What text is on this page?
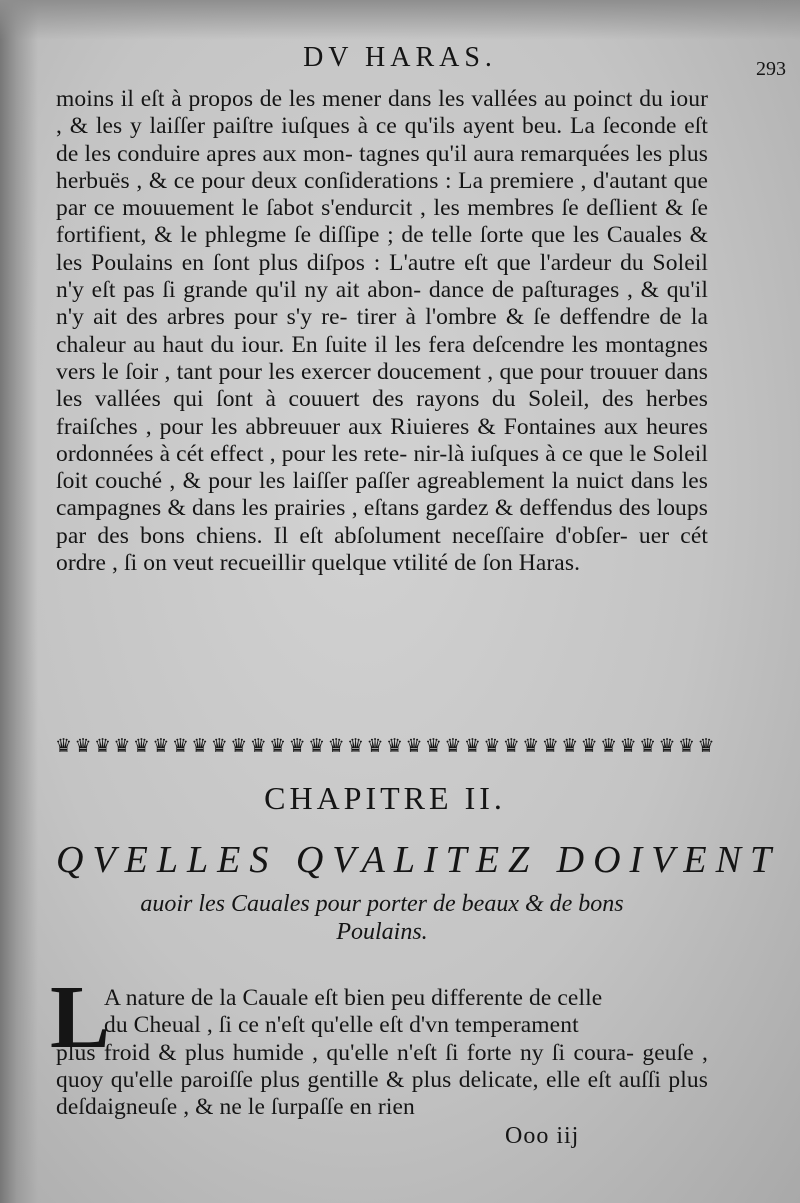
DV HARAS.	293

moins il eſt à propos de les mener dans les vallées au poinct du iour , & les y laiſſer paiſtre iuſques à ce qu'ils ayent beu. La ſeconde eſt de les conduire apres aux mon- tagnes qu'il aura remarquées les plus herbuës , & ce pour deux conſiderations : La premiere , d'autant que par ce mouuement le ſabot s'endurcit , les membres ſe deſlient & ſe fortifient, & le phlegme ſe diſſipe ; de telle ſorte que les Cauales & les Poulains en ſont plus diſpos : L'autre eſt que l'ardeur du Soleil n'y eſt pas ſi grande qu'il ny ait abon- dance de paſturages , & qu'il n'y ait des arbres pour s'y re- tirer à l'ombre & ſe deffendre de la chaleur au haut du iour. En ſuite il les fera deſcendre les montagnes vers le ſoir , tant pour les exercer doucement , que pour trouuer dans les vallées qui ſont à couuert des rayons du Soleil, des herbes fraiſches , pour les abbreuuer aux Riuieres & Fontaines aux heures ordonnées à cét effect , pour les rete- nir-là iuſques à ce que le Soleil ſoit couché , & pour les laiſſer paſſer agreablement la nuict dans les campagnes & dans les prairies , eſtans gardez & deffendus des loups par des bons chiens. Il eſt abſolument neceſſaire d'obſer- uer cét ordre , ſi on veut recueillir quelque vtilité de ſon Haras.

♛ ♛ ♛ ♛ ♛ ♛ ♛ ♛ ♛ ♛ ♛ ♛ ♛ ♛ ♛ ♛ ♛ ♛ ♛ ♛ ♛ ♛ ♛ ♛ ♛ ♛ ♛ ♛ ♛ ♛ ♛ ♛ ♛ ♛
CHAPITRE II.
QVELLES QVALITEZ DOIVENT
auoir les Cauales pour porter de beaux & de bons
Poulains.
L

A nature de la Cauale eſt bien peu differente de celle
du Cheual , ſi ce n'eſt qu'elle eſt d'vn temperament
plus froid & plus humide , qu'elle n'eſt ſi forte ny ſi coura- geuſe , quoy qu'elle paroiſſe plus gentille & plus delicate, elle eſt auſſi plus deſdaigneuſe , & ne le ſurpaſſe en rien

Ooo iij
